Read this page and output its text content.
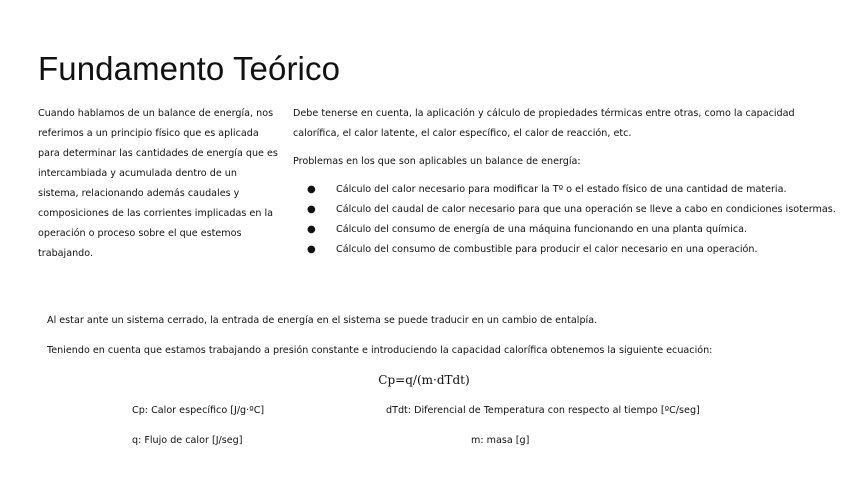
Fundamento Teórico
Cuando hablamos de un balance de energía, nos referimos a un principio físico que es aplicada para determinar las cantidades de energía que es intercambiada y acumulada dentro de un sistema, relacionando además caudales y composiciones de las corrientes implicadas en la operación o proceso sobre el que estemos trabajando.

Debe tenerse en cuenta, la aplicación y cálculo de propiedades térmicas entre otras, como la capacidad calorífica, el calor latente, el calor específico, el calor de reacción, etc.

Problemas en los que son aplicables un balance de energía:

● Cálculo del calor necesario para modificar la Tº o el estado físico de una cantidad de materia.
● Cálculo del caudal de calor necesario para que una operación se lleve a cabo en condiciones isotermas.
● Cálculo del consumo de energía de una máquina funcionando en una planta química.
● Cálculo del consumo de combustible para producir el calor necesario en una operación.
Al estar ante un sistema cerrado, la entrada de energía en el sistema se puede traducir en un cambio de entalpía.
Teniendo en cuenta que estamos trabajando a presión constante e introduciendo la capacidad calorífica obtenemos la siguiente ecuación:
Cp=q/(m·dTdt)
Cp: Calor específico [J/g·ºC]	dTdt: Diferencial de Temperatura con respecto al tiempo [ºC/seg]
q: Flujo de calor [J/seg]	m: masa [g]
